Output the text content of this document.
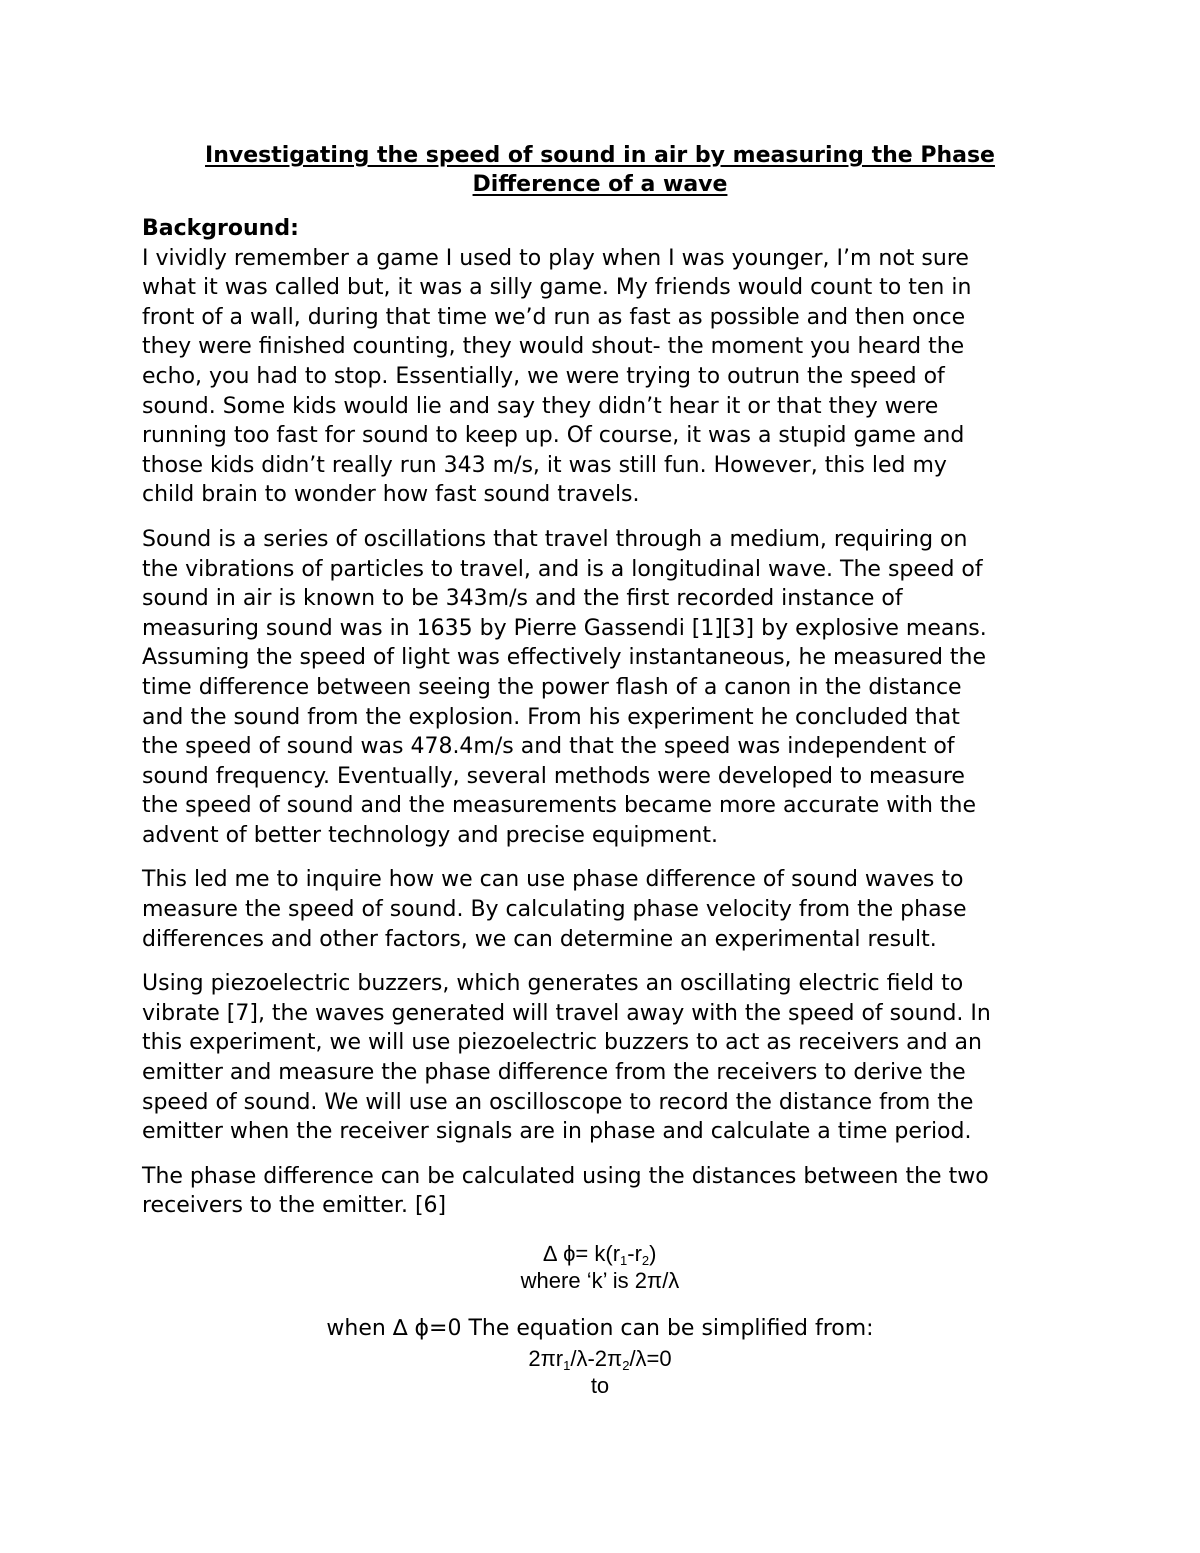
Investigating the speed of sound in air by measuring the Phase
Difference of a wave

Background:

I vividly remember a game I used to play when I was younger, I’m not sure
what it was called but, it was a silly game. My friends would count to ten in
front of a wall, during that time we’d run as fast as possible and then once
they were finished counting, they would shout- the moment you heard the
echo, you had to stop. Essentially, we were trying to outrun the speed of
sound. Some kids would lie and say they didn’t hear it or that they were
running too fast for sound to keep up. Of course, it was a stupid game and
those kids didn’t really run 343 m/s, it was still fun. However, this led my
child brain to wonder how fast sound travels.
Sound is a series of oscillations that travel through a medium, requiring on
the vibrations of particles to travel, and is a longitudinal wave. The speed of
sound in air is known to be 343m/s and the first recorded instance of
measuring sound was in 1635 by Pierre Gassendi [1][3] by explosive means.
Assuming the speed of light was effectively instantaneous, he measured the
time difference between seeing the power flash of a canon in the distance
and the sound from the explosion. From his experiment he concluded that
the speed of sound was 478.4m/s and that the speed was independent of
sound frequency. Eventually, several methods were developed to measure
the speed of sound and the measurements became more accurate with the
advent of better technology and precise equipment.
This led me to inquire how we can use phase difference of sound waves to
measure the speed of sound. By calculating phase velocity from the phase
differences and other factors, we can determine an experimental result.
Using piezoelectric buzzers, which generates an oscillating electric field to
vibrate [7], the waves generated will travel away with the speed of sound. In
this experiment, we will use piezoelectric buzzers to act as receivers and an
emitter and measure the phase difference from the receivers to derive the
speed of sound. We will use an oscilloscope to record the distance from the
emitter when the receiver signals are in phase and calculate a time period.
The phase difference can be calculated using the distances between the two
receivers to the emitter. [6]
∆ $\phi= k(r_1-r_2)$
where ‘k’ is 2π/λ
when ∆ ϕ=0 The equation can be simplified from:
$2\pi r_1/\lambda-2\pi_2/\lambda=0$
to
